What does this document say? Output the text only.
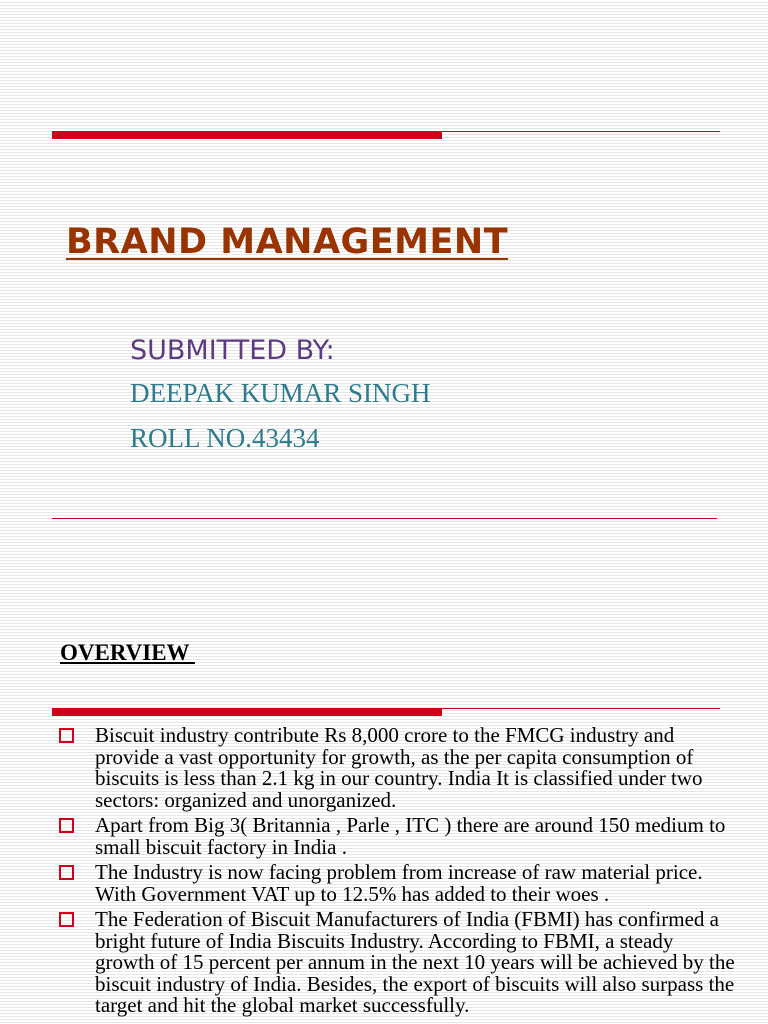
BRAND MANAGEMENT
SUBMITTED BY:
DEEPAK KUMAR SINGH
ROLL NO.43434
OVERVIEW
Biscuit industry contribute Rs 8,000 crore to the FMCG industry and provide a vast opportunity for growth, as the per capita consumption of biscuits is less than 2.1 kg in our country. India It is classified under two sectors: organized and unorganized.
Apart from Big 3( Britannia , Parle , ITC ) there are around 150 medium to small biscuit factory in India .
The Industry is now facing problem from increase of raw material price. With Government VAT up to 12.5% has added to their woes .
The Federation of Biscuit Manufacturers of India (FBMI) has confirmed a bright future of India Biscuits Industry. According to FBMI, a steady growth of 15 percent per annum in the next 10 years will be achieved by the biscuit industry of India. Besides, the export of biscuits will also surpass the target and hit the global market successfully.
